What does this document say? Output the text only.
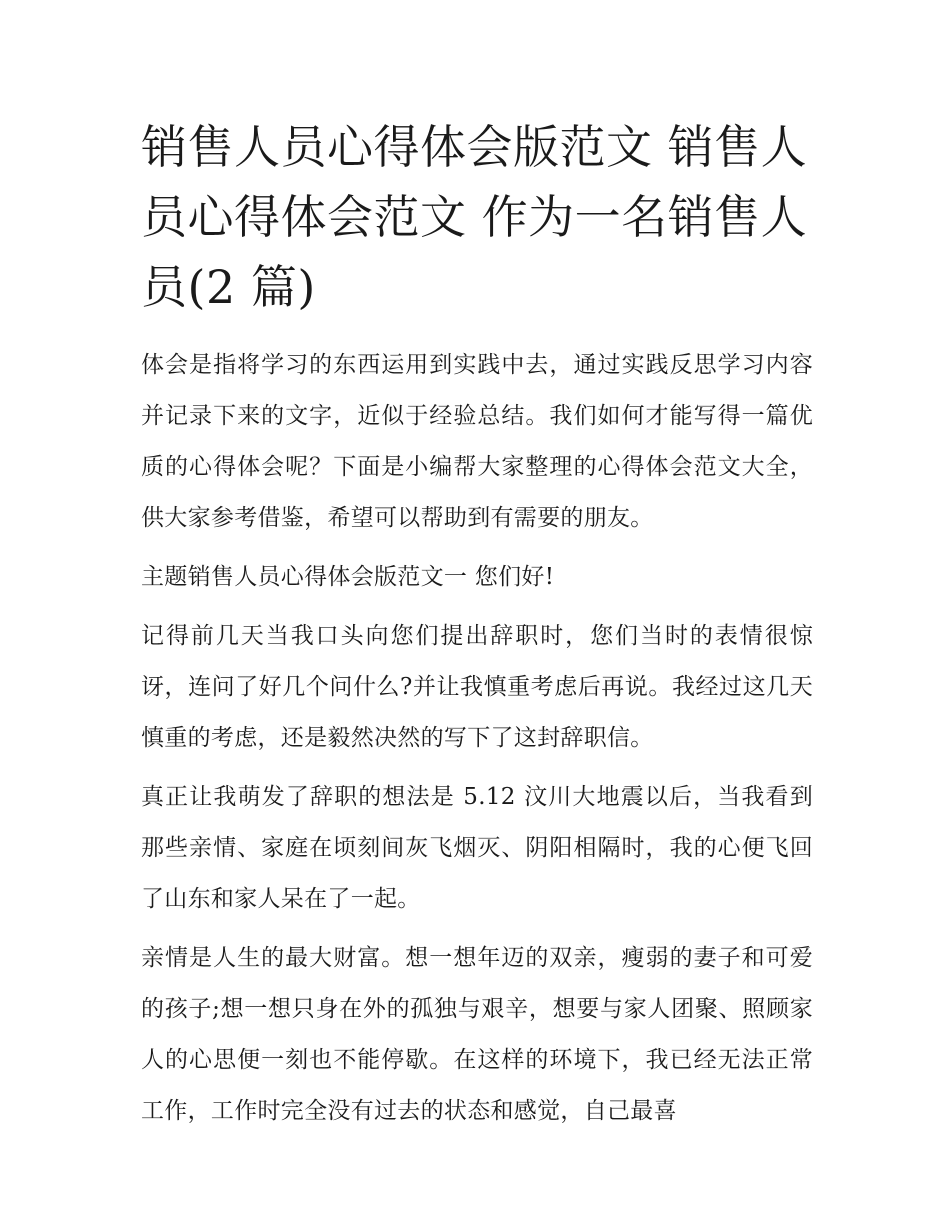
销售人员心得体会版范文 销售人员心得体会范文 作为一名销售人员(2 篇)

体会是指将学习的东西运用到实践中去，通过实践反思学习内容并记录下来的文字，近似于经验总结。我们如何才能写得一篇优质的心得体会呢？下面是小编帮大家整理的心得体会范文大全，供大家参考借鉴，希望可以帮助到有需要的朋友。

主题销售人员心得体会版范文一 您们好!

记得前几天当我口头向您们提出辞职时，您们当时的表情很惊讶，连问了好几个问什么?并让我慎重考虑后再说。我经过这几天慎重的考虑，还是毅然决然的写下了这封辞职信。

真正让我萌发了辞职的想法是 5.12 汶川大地震以后，当我看到那些亲情、家庭在顷刻间灰飞烟灭、阴阳相隔时，我的心便飞回了山东和家人呆在了一起。

亲情是人生的最大财富。想一想年迈的双亲，瘦弱的妻子和可爱的孩子;想一想只身在外的孤独与艰辛，想要与家人团聚、照顾家人的心思便一刻也不能停歇。在这样的环境下，我已经无法正常工作，工作时完全没有过去的状态和感觉，自己最喜
